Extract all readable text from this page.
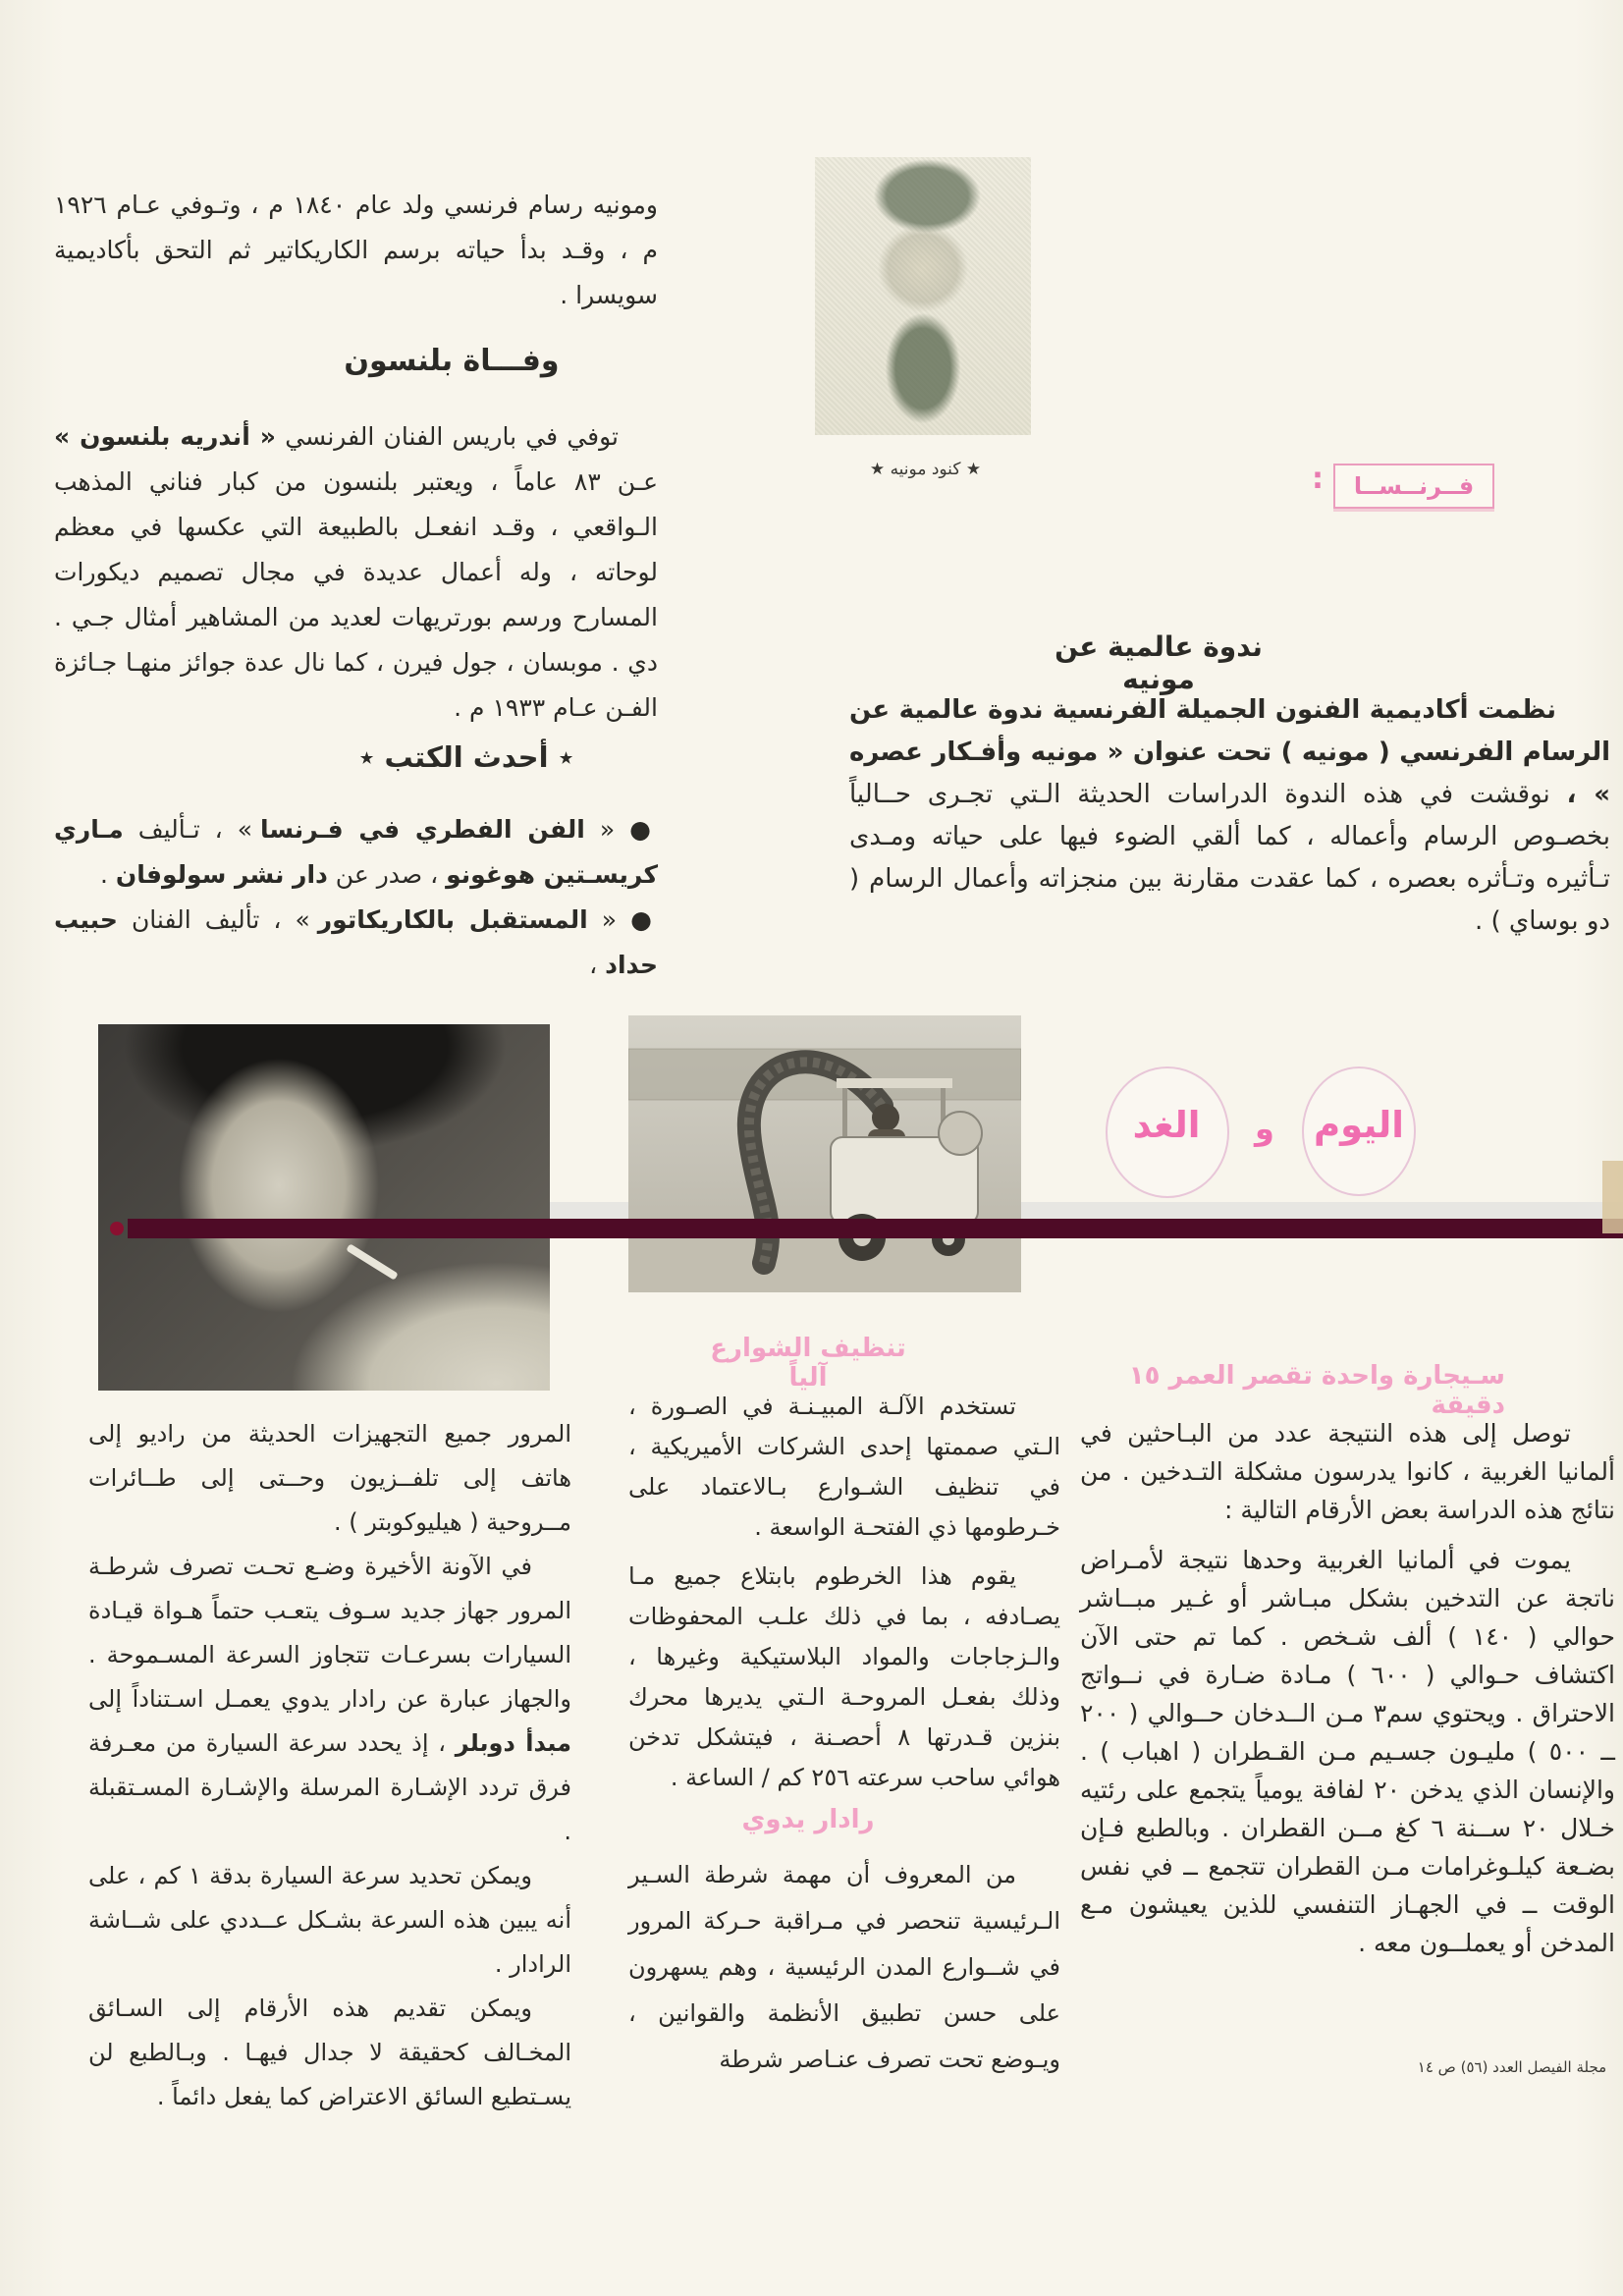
ومونيه رسام فرنسي ولد عام ١٨٤٠ م ، وتـوفي عـام ١٩٢٦ م ، وقـد بدأ حياته برسم الكاريكاتير ثم التحق بأكاديمية سويسرا .

وفـــاة بلنسون

توفي في باريس الفنان الفرنسي « أندريه بلنسون » عـن ٨٣ عاماً ، ويعتبر بلنسون من كبار فناني المذهب الـواقعي ، وقـد انفعـل بالطبيعة التي عكسها في معظم لوحاته ، وله أعمال عديدة في مجال تصميم ديكورات المسارح ورسم بورتريهات لعديد من المشاهير أمثال جـي . دي . موبسان ، جول فيرن ، كما نال عدة جوائز منهـا جـائزة الفـن عـام ١٩٣٣ م .

٭ أحدث الكتب ٭

● « الفن الفطري في فـرنسا » ، تـأليف مـاري كريسـتين هوغونو ، صدر عن دار نشر سولوفان .

● « المستقبل بالكاريكاتور » ، تأليف الفنان حبيب حداد ،

★ كنود مونيه ★	:	فــرنــســا
ندوة عالمية عن مونيه

نظمت أكاديمية الفنون الجميلة الفرنسية ندوة عالمية عن الرسام الفرنسي ( مونيه ) تحت عنوان « مونيه وأفـكار عصره » ، نوقشت في هذه الندوة الدراسات الحديثة الـتي تجـرى حــالياً بخصـوص الرسام وأعماله ، كما ألقي الضوء فيها على حياته ومـدى تـأثيره وتـأثره بعصره ، كما عقدت مقارنة بين منجزاته وأعمال الرسام ( دو بوساي ) .

اليوم
و
الغد
تنظيف الشوارع آلياً

تستخدم الآلـة المبيـنـة في الصـورة ، الـتي صممتها إحدى الشركات الأميريكية ، في تنظيف الشـوارع بـالاعتماد على خـرطومها ذي الفتحـة الواسعة .

يقوم هذا الخرطوم بابتلاع جميع مـا يصـادفه ، بما في ذلك علـب المحفوظات والـزجاجات والمواد البلاستيكية وغيرها ، وذلك بفعـل المروحـة الـتي يديرها محرك بنزين قـدرتها ٨ أحصـنة ، فيتشكل تدخن هوائي ساحب سرعته ٢٥٦ كم / الساعة .

رادار يدوي

من المعروف أن مهمة شرطة السـير الـرئيسية تنحصر في مـراقبة حـركة المرور في شــوارع المدن الرئيسية ، وهم يسهرون على حسن تطبيق الأنظمة والقوانين ، ويـوضع تحت تصرف عنـاصر شرطة

سـيجارة واحدة تقصر العمر ١٥ دقيقة

توصل إلى هذه النتيجة عدد من البـاحثين في ألمانيا الغربية ، كانوا يدرسون مشكلة التـدخين . من نتائج هذه الدراسة بعض الأرقام التالية :

يموت في ألمانيا الغربية وحدها نتيجة لأمـراض ناتجة عن التدخين بشكل مبـاشر أو غـير مبــاشر حوالي ( ١٤٠ ) ألف شـخص . كما تم حتى الآن اكتشاف حـوالي ( ٦٠٠ ) مـادة ضـارة في نــواتج الاحتراق . ويحتوي سم٣ مـن الــدخان حــوالي ( ٢٠٠ ــ ٥٠٠ ) مليـون جسـيم مـن القـطران ( اهباب ) . والإنسان الذي يدخن ٢٠ لفافة يومياً يتجمع على رئتيه خـلال ٢٠ ســنة ٦ كغ مــن القطران . وبالطبع فـإن بضـعة كيلـوغرامات مـن القطران تتجمع ــ في نفس الوقت ــ في الجهـاز التنفسي للذين يعيشون مـع المدخن أو يعملــون معه .

المرور جميع التجهيزات الحديثة من راديو إلى هاتف إلى تلفــزيون وحــتى إلى طــائرات مــروحية ( هيليوكوبتر ) .

في الآونة الأخيرة وضـع تحـت تصرف شرطـة المرور جهاز جديد سـوف يتعـب حتماً هـواة قيـادة السيارات بسرعـات تتجاوز السرعة المسـموحة . والجهاز عبارة عن رادار يدوي يعمـل اسـتناداً إلى مبدأ دوبلر ، إذ يحدد سرعة السيارة من معـرفة فرق تردد الإشـارة المرسلة والإشـارة المسـتقبلة .

ويمكن تحديد سرعة السيارة بدقة ١ كم ، على أنه يبين هذه السرعة بشـكل عــددي على شــاشة الرادار .

ويمكن تقديم هذه الأرقام إلى السـائق المخـالف كحقيقة لا جدال فيهـا . وبـالطبع لن يسـتطيع السائق الاعتراض كما يفعل دائماً .

مجلة الفيصل العدد (٥٦) ص ١٤
